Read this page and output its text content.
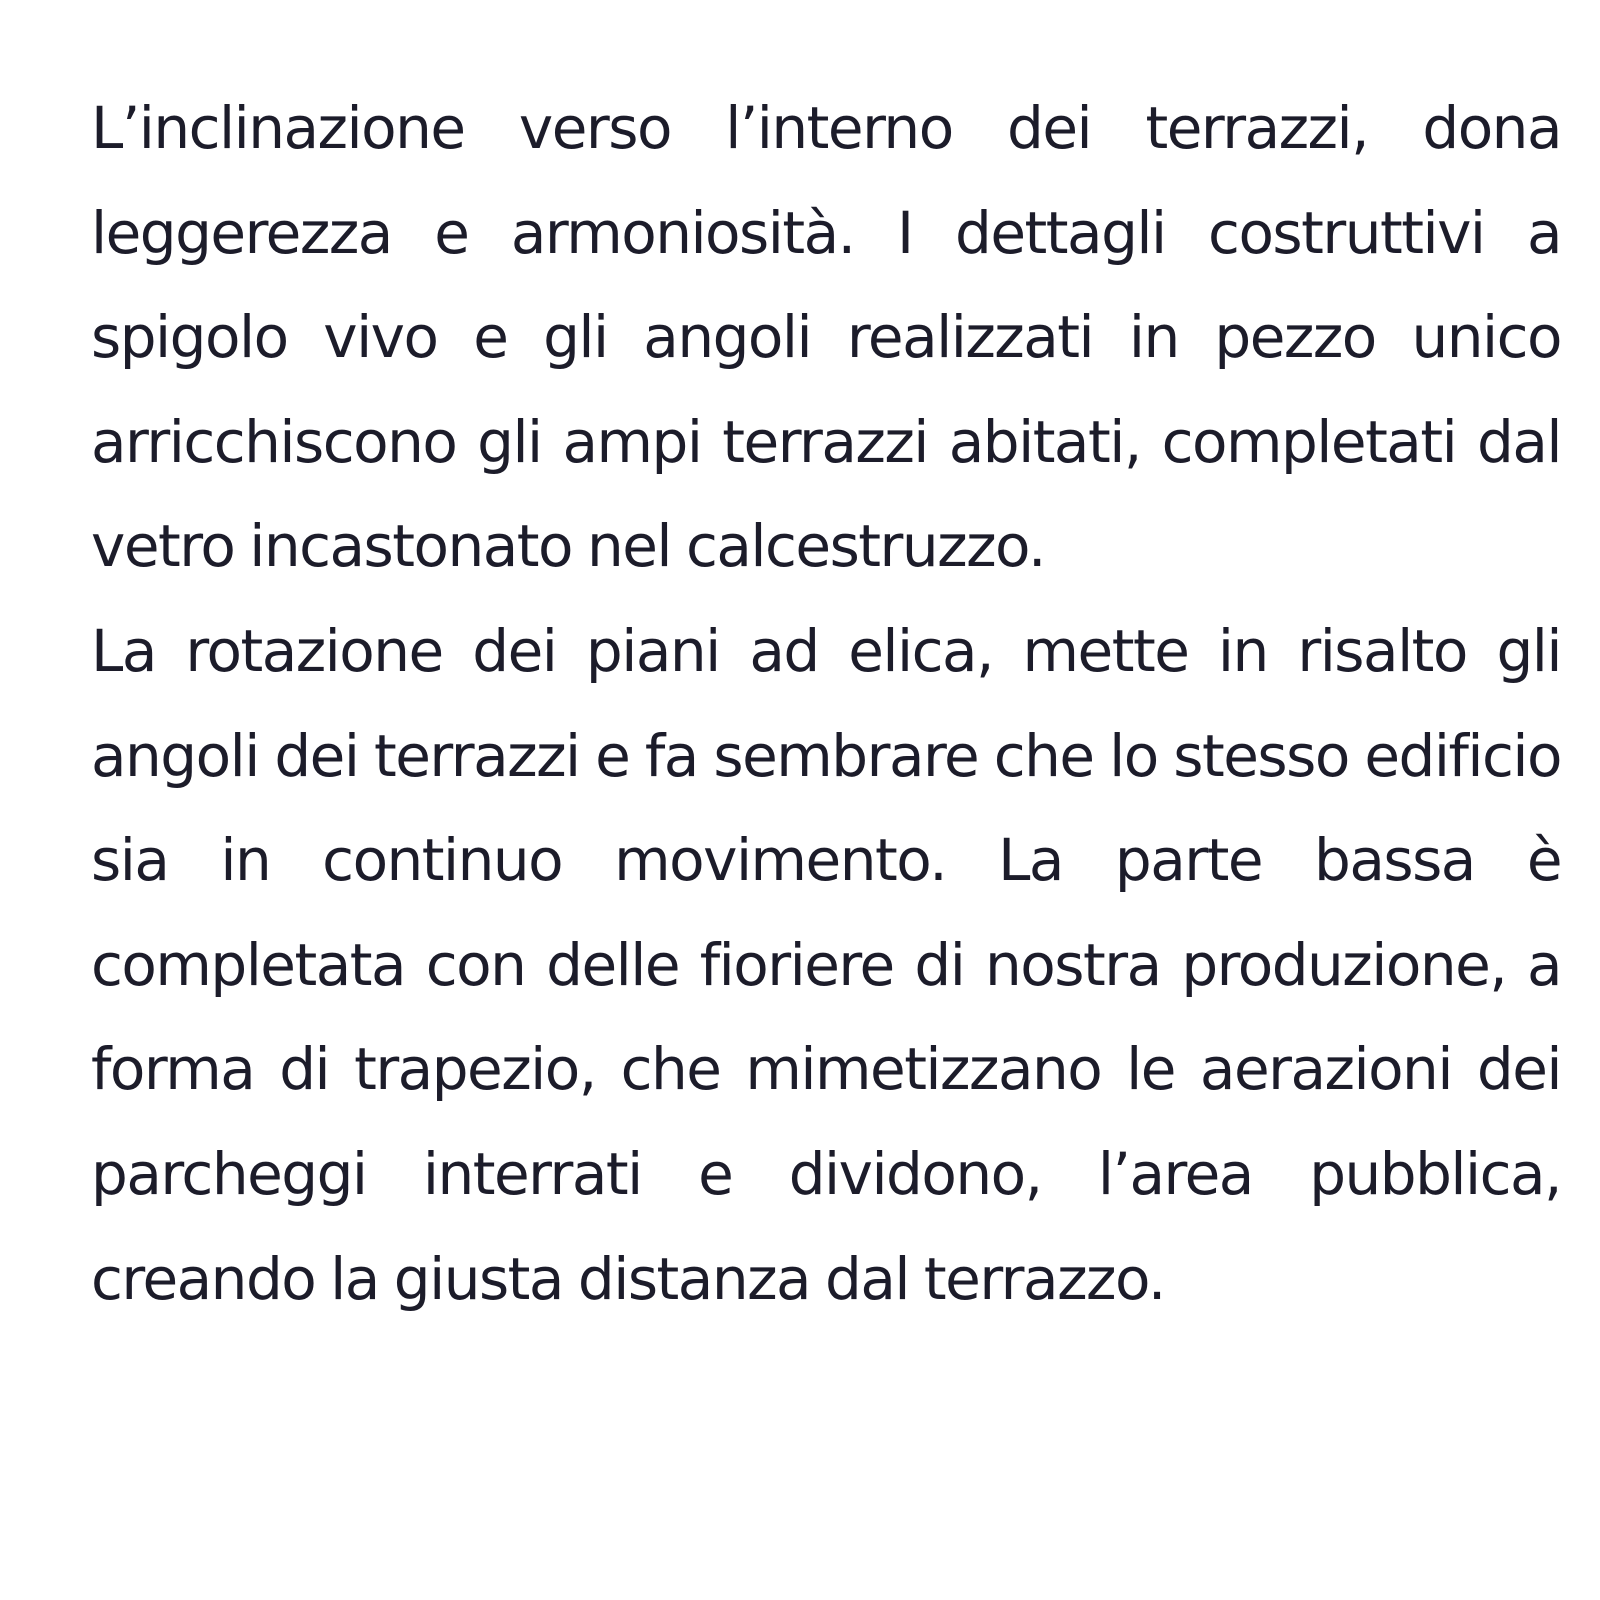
L’inclinazione verso l’interno dei terrazzi, dona leggerezza e armoniosità. I dettagli costruttivi a spigolo vivo e gli angoli realizzati in pezzo unico arricchiscono gli ampi terrazzi abitati, completati dal vetro incastonato nel calcestruzzo.

La rotazione dei piani ad elica, mette in risalto gli angoli dei terrazzi e fa sembrare che lo stesso edificio sia in continuo movimento. La parte bassa è completata con delle fioriere di nostra produzione, a forma di trapezio, che mimetizzano le aerazioni dei parcheggi interrati e dividono, l’area pubblica, creando la giusta distanza dal terrazzo.
